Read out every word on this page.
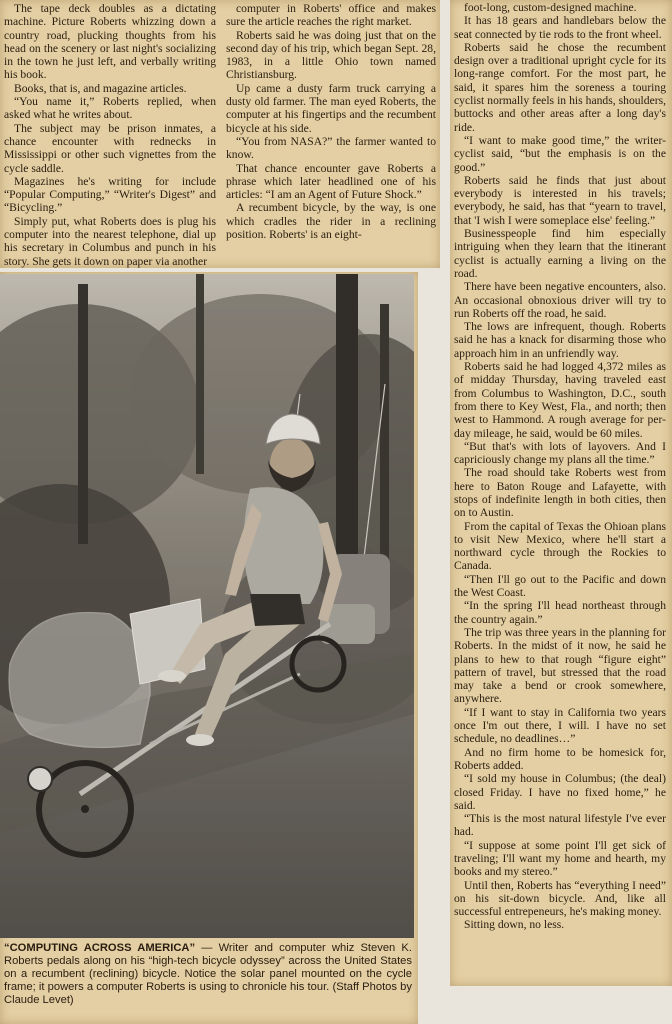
The tape deck doubles as a dictating machine. Picture Roberts whizzing down a country road, plucking thoughts from his head on the scenery or last night's socializing in the town he just left, and verbally writing his book.

Books, that is, and magazine articles.

“You name it,” Roberts replied, when asked what he writes about.

The subject may be prison inmates, a chance encounter with rednecks in Mississippi or other such vignettes from the cycle saddle.

Magazines he's writing for include “Popular Computing,” “Writer's Digest” and “Bicycling.”

Simply put, what Roberts does is plug his computer into the nearest telephone, dial up his secretary in Columbus and punch in his story. She gets it down on paper via another

computer in Roberts' office and makes sure the article reaches the right market.

Roberts said he was doing just that on the second day of his trip, which began Sept. 28, 1983, in a little Ohio town named Christiansburg.

Up came a dusty farm truck carrying a dusty old farmer. The man eyed Roberts, the computer at his fingertips and the recumbent bicycle at his side.

“You from NASA?” the farmer wanted to know.

That chance encounter gave Roberts a phrase which later headlined one of his articles: “I am an Agent of Future Shock.”

A recumbent bicycle, by the way, is one which cradles the rider in a reclining position. Roberts' is an eight-

“COMPUTING ACROSS AMERICA” — Writer and computer whiz Steven K. Roberts pedals along on his “high-tech bicycle odyssey” across the United States on a recumbent (reclining) bicycle. Notice the solar panel mounted on the cycle frame; it powers a computer Roberts is using to chronicle his tour. (Staff Photos by Claude Levet)

foot-long, custom-designed machine.

It has 18 gears and handlebars below the seat connected by tie rods to the front wheel.

Roberts said he chose the recumbent design over a traditional upright cycle for its long-range comfort. For the most part, he said, it spares him the soreness a touring cyclist normally feels in his hands, shoulders, buttocks and other areas after a long day's ride.

“I want to make good time,” the writer-cyclist said, “but the emphasis is on the good.”

Roberts said he finds that just about everybody is interested in his travels; everybody, he said, has that “yearn to travel, that 'I wish I were someplace else' feeling.”

Businesspeople find him especially intriguing when they learn that the itinerant cyclist is actually earning a living on the road.

There have been negative encounters, also. An occasional obnoxious driver will try to run Roberts off the road, he said.

The lows are infrequent, though. Roberts said he has a knack for disarming those who approach him in an unfriendly way.

Roberts said he had logged 4,372 miles as of midday Thursday, having traveled east from Columbus to Washington, D.C., south from there to Key West, Fla., and north; then west to Hammond. A rough average for per-day mileage, he said, would be 60 miles.

“But that's with lots of layovers. And I capriciously change my plans all the time.”

The road should take Roberts west from here to Baton Rouge and Lafayette, with stops of indefinite length in both cities, then on to Austin.

From the capital of Texas the Ohioan plans to visit New Mexico, where he'll start a northward cycle through the Rockies to Canada.

“Then I'll go out to the Pacific and down the West Coast.

“In the spring I'll head northeast through the country again.”

The trip was three years in the planning for Roberts. In the midst of it now, he said he plans to hew to that rough “figure eight” pattern of travel, but stressed that the road may take a bend or crook somewhere, anywhere.

“If I want to stay in California two years once I'm out there, I will. I have no set schedule, no deadlines…”

And no firm home to be homesick for, Roberts added.

“I sold my house in Columbus; (the deal) closed Friday. I have no fixed home,” he said.

“This is the most natural lifestyle I've ever had.

“I suppose at some point I'll get sick of traveling; I'll want my home and hearth, my books and my stereo.”

Until then, Roberts has “everything I need” on his sit-down bicycle. And, like all successful entrepeneurs, he's making money.

Sitting down, no less.
